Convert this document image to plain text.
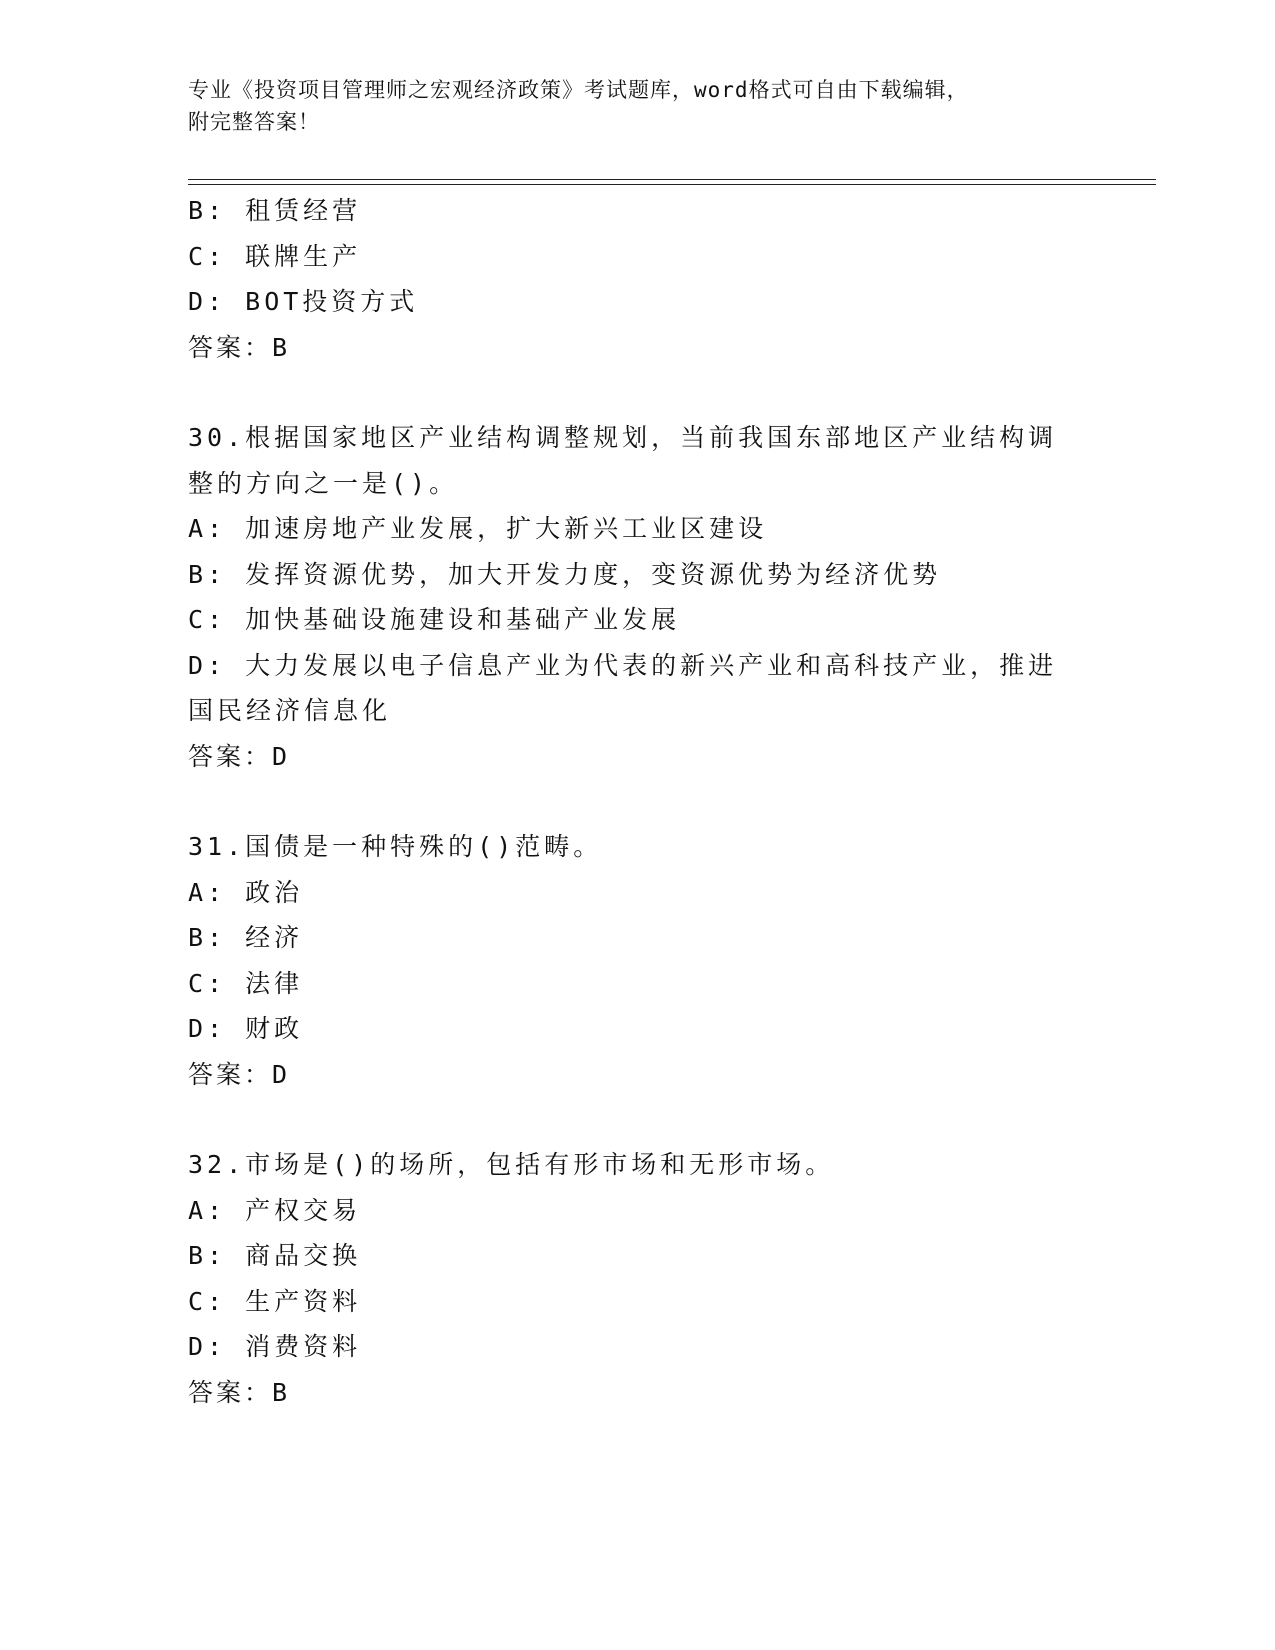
专业《投资项目管理师之宏观经济政策》考试题库，word格式可自由下载编辑，
附完整答案！
B: 租赁经营
C: 联牌生产
D: BOT投资方式
答案：B
30.根据国家地区产业结构调整规划，当前我国东部地区产业结构调整的方向之一是()。
A: 加速房地产业发展，扩大新兴工业区建设
B: 发挥资源优势，加大开发力度，变资源优势为经济优势
C: 加快基础设施建设和基础产业发展
D: 大力发展以电子信息产业为代表的新兴产业和高科技产业，推进国民经济信息化
答案：D
31.国债是一种特殊的()范畴。
A: 政治
B: 经济
C: 法律
D: 财政
答案：D
32.市场是()的场所，包括有形市场和无形市场。
A: 产权交易
B: 商品交换
C: 生产资料
D: 消费资料
答案：B
